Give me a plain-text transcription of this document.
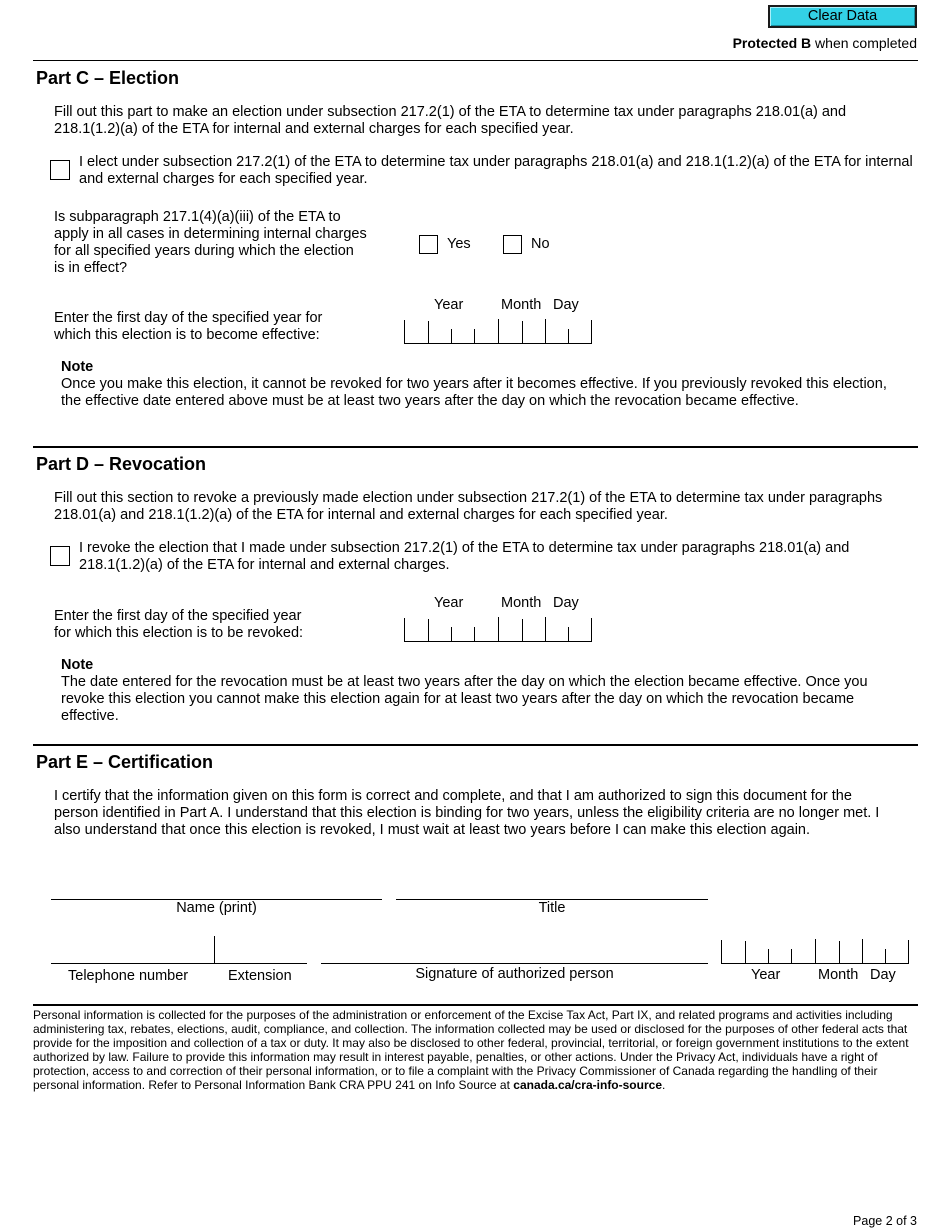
Clear Data
Protected B when completed
Part C – Election
Fill out this part to make an election under subsection 217.2(1) of the ETA to determine tax under paragraphs 218.01(a) and 218.1(1.2)(a) of the ETA for internal and external charges for each specified year.
I elect under subsection 217.2(1) of the ETA to determine tax under paragraphs 218.01(a) and 218.1(1.2)(a) of the ETA for internal and external charges for each specified year.
Is subparagraph 217.1(4)(a)(iii) of the ETA to
apply in all cases in determining internal charges
for all specified years during which the election
is in effect?
Yes	No
Year	Month Day
Enter the first day of the specified year for
which this election is to become effective:
Note
Once you make this election, it cannot be revoked for two years after it becomes effective. If you previously revoked this election, the effective date entered above must be at least two years after the day on which the revocation became effective.
Part D – Revocation
Fill out this section to revoke a previously made election under subsection 217.2(1) of the ETA to determine tax under paragraphs 218.01(a) and 218.1(1.2)(a) of the ETA for internal and external charges for each specified year.
I revoke the election that I made under subsection 217.2(1) of the ETA to determine tax under paragraphs 218.01(a) and 218.1(1.2)(a) of the ETA for internal and external charges.
Year	Month Day
Enter the first day of the specified year
for which this election is to be revoked:
Note
The date entered for the revocation must be at least two years after the day on which the election became effective. Once you revoke this election you cannot make this election again for at least two years after the day on which the revocation became effective.
Part E – Certification
I certify that the information given on this form is correct and complete, and that I am authorized to sign this document for the person identified in Part A. I understand that this election is binding for two years, unless the eligibility criteria are no longer met. I also understand that once this election is revoked, I must wait at least two years before I can make this election again.
Name (print)	Title
Telephone number	Extension	Signature of authorized person	Year	Month Day
Personal information is collected for the purposes of the administration or enforcement of the Excise Tax Act, Part IX, and related programs and activities including administering tax, rebates, elections, audit, compliance, and collection. The information collected may be used or disclosed for the purposes of other federal acts that provide for the imposition and collection of a tax or duty. It may also be disclosed to other federal, provincial, territorial, or foreign government institutions to the extent authorized by law. Failure to provide this information may result in interest payable, penalties, or other actions. Under the Privacy Act, individuals have a right of protection, access to and correction of their personal information, or to file a complaint with the Privacy Commissioner of Canada regarding the handling of their personal information. Refer to Personal Information Bank CRA PPU 241 on Info Source at canada.ca/cra-info-source.
Page 2 of 3
